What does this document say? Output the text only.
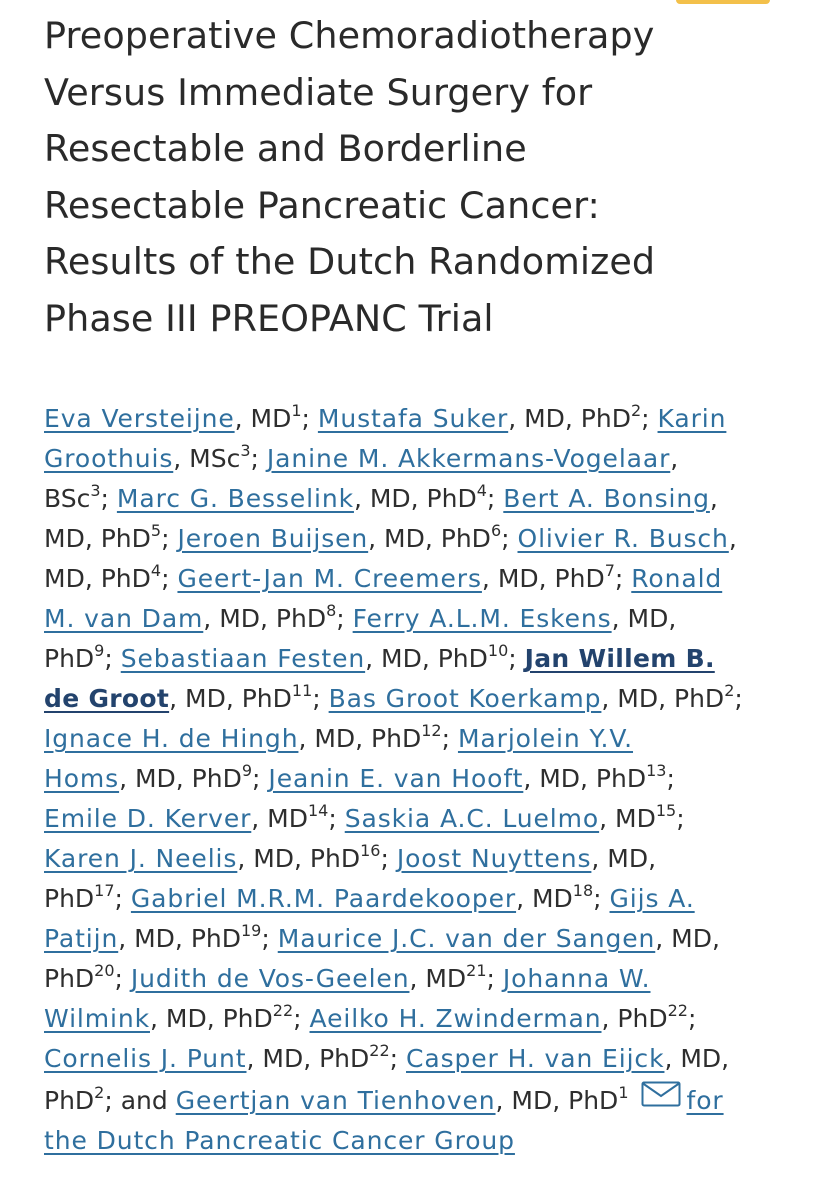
Preoperative Chemoradiotherapy
Versus Immediate Surgery for
Resectable and Borderline
Resectable Pancreatic Cancer:
Results of the Dutch Randomized
Phase III PREOPANC Trial
Eva Versteijne, $MD^1$; Mustafa Suker, MD, PhD$^2$; Karin
Groothuis, MSc$^3$; Janine M. Akkermans-Vogelaar,
BSc$^3$; Marc G. Besselink, MD, PhD$^4$; Bert A. Bonsing,
MD, PhD$^5$; Jeroen Buijsen, MD, PhD$^6$; Olivier R. Busch,
MD, PhD$^4$; Geert-Jan M. Creemers, MD, PhD$^7$; Ronald
M. van Dam, MD, PhD$^8$; Ferry A.L.M. Eskens, MD,
PhD$^9$; Sebastiaan Festen, MD, PhD$^{10}$; Jan Willem B.
de Groot, MD, PhD$^{11}$; Bas Groot Koerkamp, MD, PhD$^2$;
Ignace H. de Hingh, MD, PhD$^{12}$; Marjolein Y.V.
Homs, MD, PhD$^9$; Jeanin E. van Hooft, MD, PhD$^{13}$;
Emile D. Kerver, MD$^{14}$; Saskia A.C. Luelmo, MD$^{15}$;
Karen J. Neelis, MD, PhD$^{16}$; Joost Nuyttens, MD,
PhD$^{17}$; Gabriel M.R.M. Paardekooper, MD$^{18}$; Gijs A.
Patijn, MD, PhD$^{19}$; Maurice J.C. van der Sangen, MD,
PhD$^{20}$; Judith de Vos-Geelen, MD$^{21}$; Johanna W.
Wilmink, MD, PhD$^{22}$; Aeilko H. Zwinderman, PhD$^{22}$;
Cornelis J. Punt, MD, PhD$^{22}$; Casper H. van Eijck, MD,
PhD$^2$; and Geertjan van Tienhoven, MD, PhD$^1$ for
the Dutch Pancreatic Cancer Group
